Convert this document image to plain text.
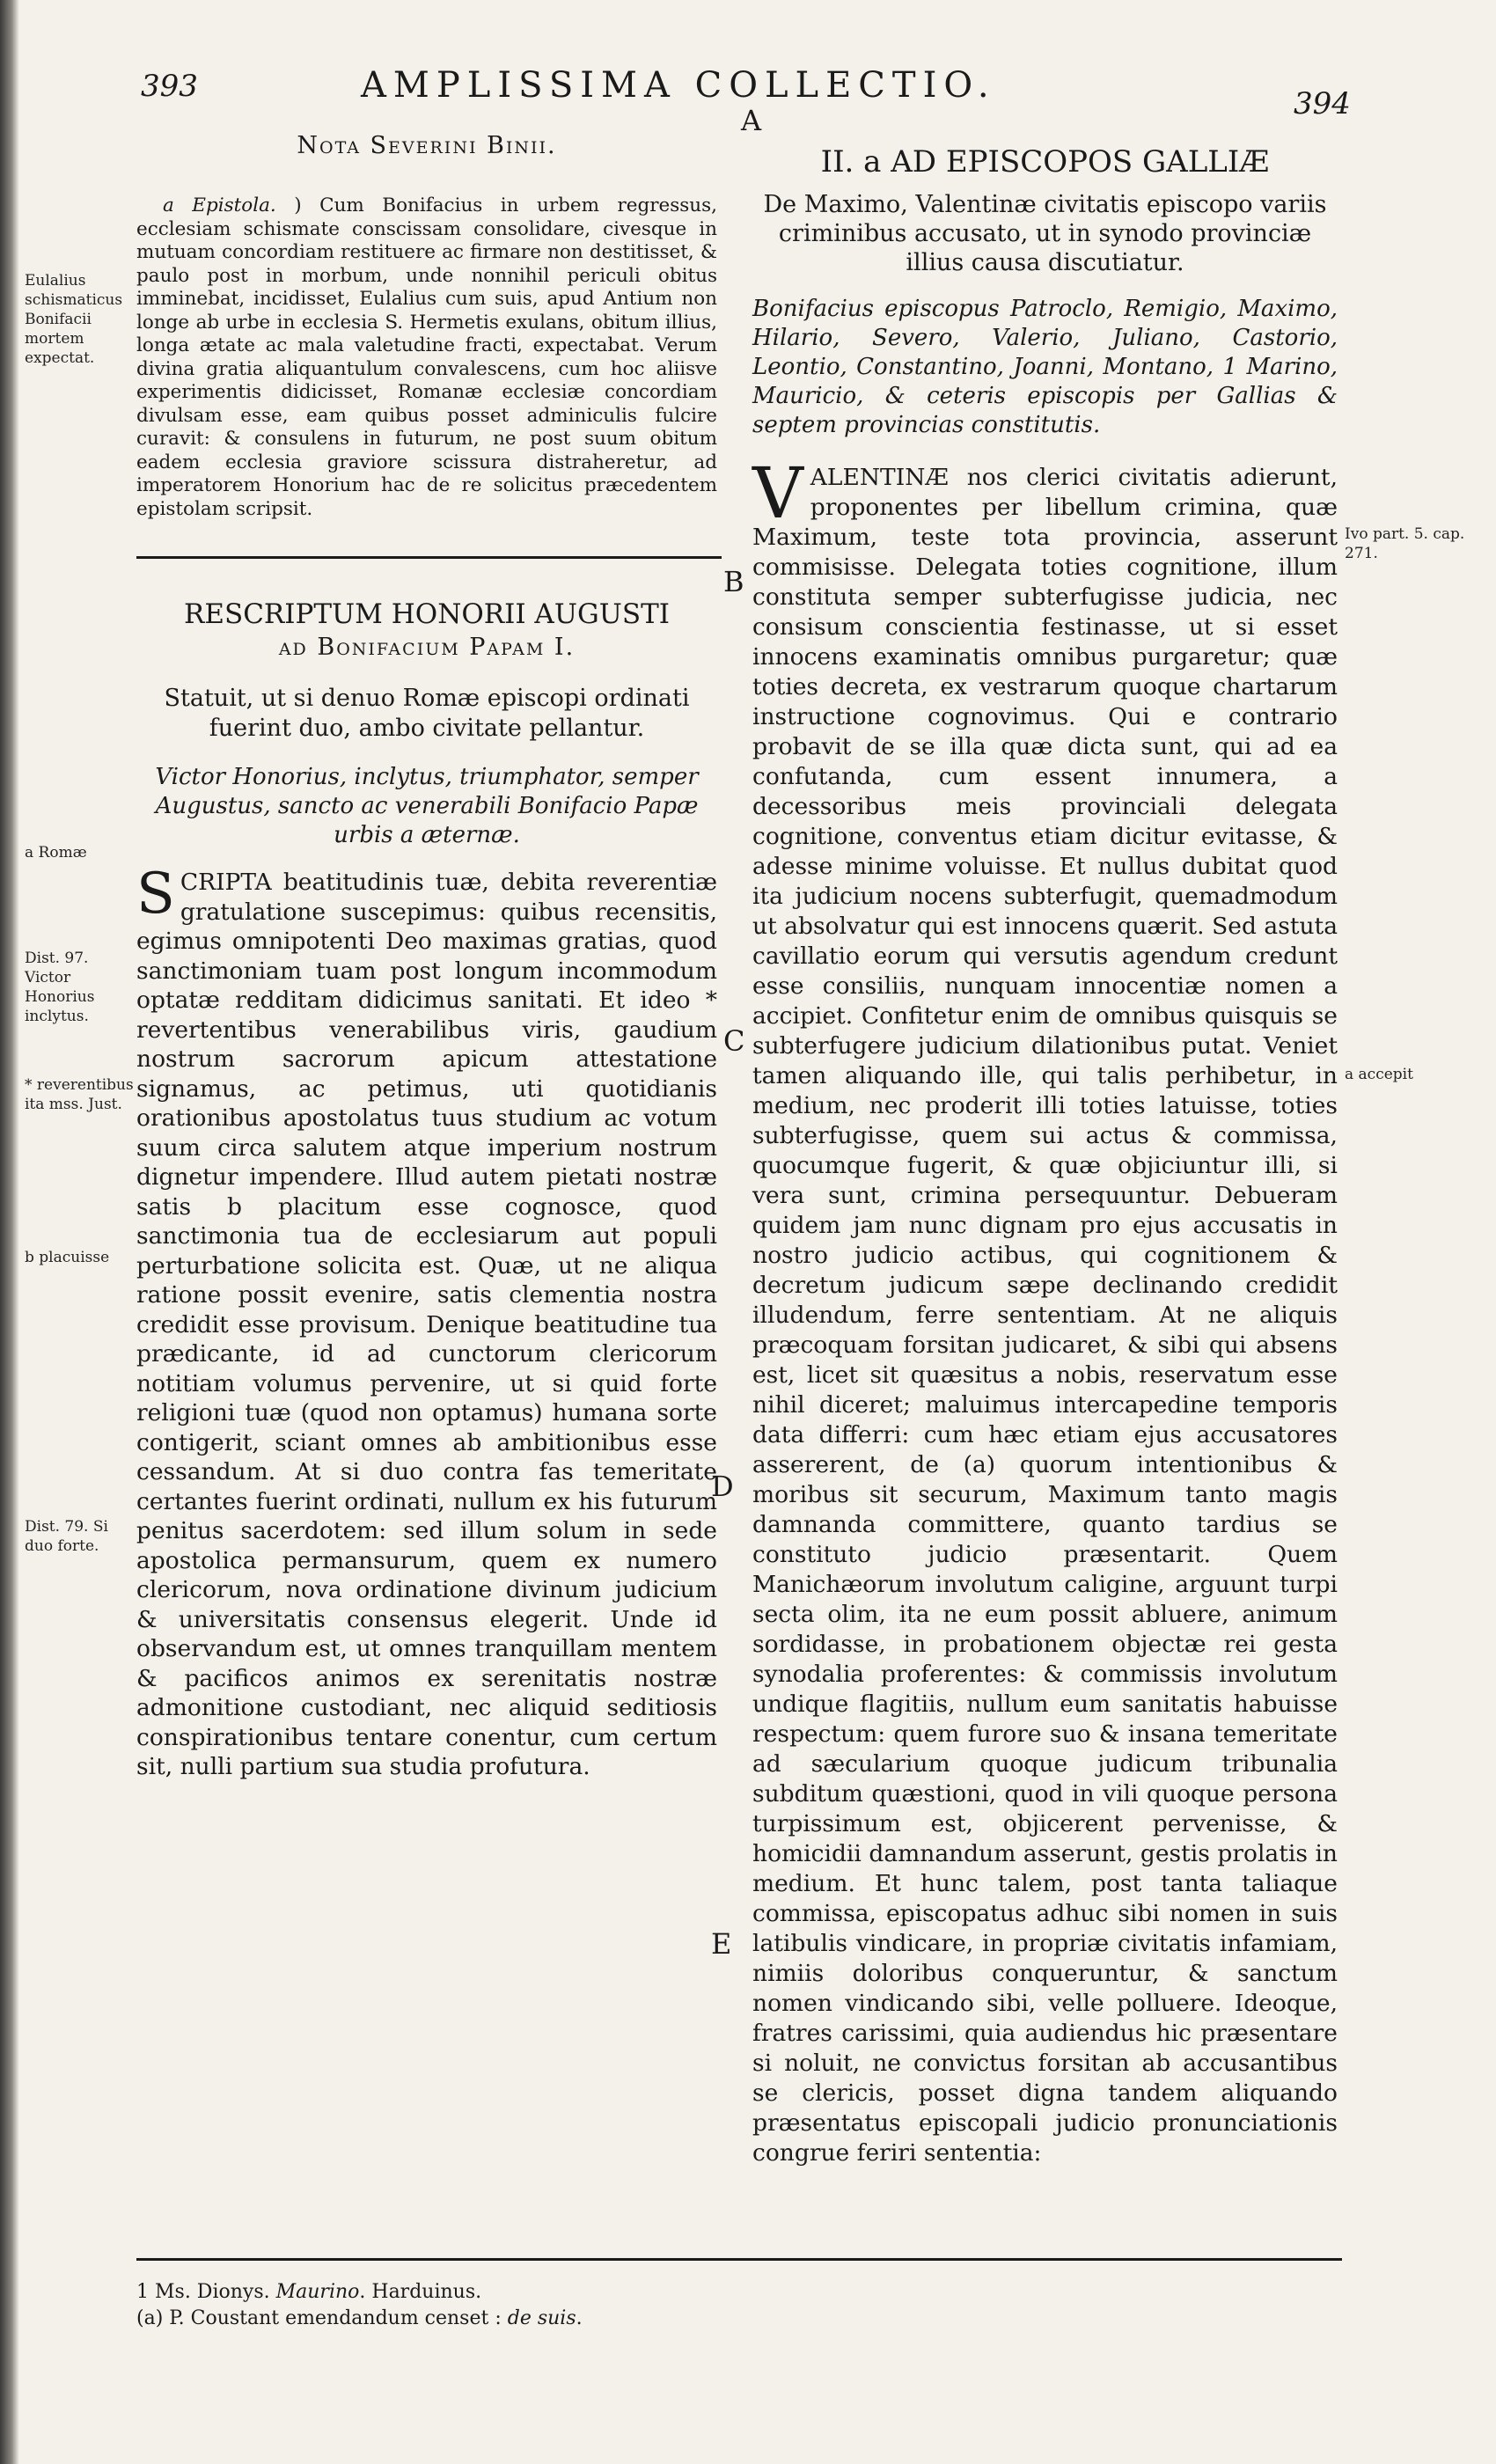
393	AMPLISSIMA COLLECTIO.	394
A
B
C
D
E
Eulalius schismaticus Bonifacii mortem expectat.
a Romæ
Dist. 97. Victor Honorius inclytus.
* reverentibus ita mss. Just.
b placuisse
Dist. 79. Si duo forte.
Ivo part. 5. cap. 271.
a accepit
Nota Severini Binii.

a Epistola. ) Cum Bonifacius in urbem regressus, ecclesiam schismate conscissam consolidare, civesque in mutuam concordiam restituere ac firmare non destitisset, & paulo post in morbum, unde nonnihil periculi obitus imminebat, incidisset, Eulalius cum suis, apud Antium non longe ab urbe in ecclesia S. Hermetis exulans, obitum illius, longa ætate ac mala valetudine fracti, expectabat. Verum divina gratia aliquantulum convalescens, cum hoc aliisve experimentis didicisset, Romanæ ecclesiæ concordiam divulsam esse, eam quibus posset adminiculis fulcire curavit: & consulens in futurum, ne post suum obitum eadem ecclesia graviore scissura distraheretur, ad imperatorem Honorium hac de re solicitus præcedentem epistolam scripsit.

RESCRIPTUM HONORII AUGUSTI
ad Bonifacium Papam I.
Statuit, ut si denuo Romæ episcopi ordinati fuerint duo, ambo civitate pellantur.
Victor Honorius, inclytus, triumphator, semper Augustus, sancto ac venerabili Bonifacio Papæ urbis a æternæ.

SCRIPTA beatitudinis tuæ, debita reverentiæ gratulatione suscepimus: quibus recensitis, egimus omnipotenti Deo maximas gratias, quod sanctimoniam tuam post longum incommodum optatæ redditam didicimus sanitati. Et ideo * revertentibus venerabilibus viris, gaudium nostrum sacrorum apicum attestatione signamus, ac petimus, uti quotidianis orationibus apostolatus tuus studium ac votum suum circa salutem atque imperium nostrum dignetur impendere. Illud autem pietati nostræ satis b placitum esse cognosce, quod sanctimonia tua de ecclesiarum aut populi perturbatione solicita est. Quæ, ut ne aliqua ratione possit evenire, satis clementia nostra credidit esse provisum. Denique beatitudine tua prædicante, id ad cunctorum clericorum notitiam volumus pervenire, ut si quid forte religioni tuæ (quod non optamus) humana sorte contigerit, sciant omnes ab ambitionibus esse cessandum. At si duo contra fas temeritate certantes fuerint ordinati, nullum ex his futurum penitus sacerdotem: sed illum solum in sede apostolica permansurum, quem ex numero clericorum, nova ordinatione divinum judicium & universitatis consensus elegerit. Unde id observandum est, ut omnes tranquillam mentem & pacificos animos ex serenitatis nostræ admonitione custodiant, nec aliquid seditiosis conspirationibus tentare conentur, cum certum sit, nulli partium sua studia profutura.

II. a AD EPISCOPOS GALLIÆ
De Maximo, Valentinæ civitatis episcopo variis criminibus accusato, ut in synodo provinciæ illius causa discutiatur.
Bonifacius episcopus Patroclo, Remigio, Maximo, Hilario, Severo, Valerio, Juliano, Castorio, Leontio, Constantino, Joanni, Montano, 1 Marino, Mauricio, & ceteris episcopis per Gallias & septem provincias constitutis.

VALENTINÆ nos clerici civitatis adierunt, proponentes per libellum crimina, quæ Maximum, teste tota provincia, asserunt commisisse. Delegata toties cognitione, illum constituta semper subterfugisse judicia, nec consisum conscientia festinasse, ut si esset innocens examinatis omnibus purgaretur; quæ toties decreta, ex vestrarum quoque chartarum instructione cognovimus. Qui e contrario probavit de se illa quæ dicta sunt, qui ad ea confutanda, cum essent innumera, a decessoribus meis provinciali delegata cognitione, conventus etiam dicitur evitasse, & adesse minime voluisse. Et nullus dubitat quod ita judicium nocens subterfugit, quemadmodum ut absolvatur qui est innocens quærit. Sed astuta cavillatio eorum qui versutis agendum credunt esse consiliis, nunquam innocentiæ nomen a accipiet. Confitetur enim de omnibus quisquis se subterfugere judicium dilationibus putat. Veniet tamen aliquando ille, qui talis perhibetur, in medium, nec proderit illi toties latuisse, toties subterfugisse, quem sui actus & commissa, quocumque fugerit, & quæ objiciuntur illi, si vera sunt, crimina persequuntur. Debueram quidem jam nunc dignam pro ejus accusatis in nostro judicio actibus, qui cognitionem & decretum judicum sæpe declinando credidit illudendum, ferre sententiam. At ne aliquis præcoquam forsitan judicaret, & sibi qui absens est, licet sit quæsitus a nobis, reservatum esse nihil diceret; maluimus intercapedine temporis data differri: cum hæc etiam ejus accusatores assererent, de (a) quorum intentionibus & moribus sit securum, Maximum tanto magis damnanda committere, quanto tardius se constituto judicio præsentarit. Quem Manichæorum involutum caligine, arguunt turpi secta olim, ita ne eum possit abluere, animum sordidasse, in probationem objectæ rei gesta synodalia proferentes: & commissis involutum undique flagitiis, nullum eum sanitatis habuisse respectum: quem furore suo & insana temeritate ad sæcularium quoque judicum tribunalia subditum quæstioni, quod in vili quoque persona turpissimum est, objicerent pervenisse, & homicidii damnandum asserunt, gestis prolatis in medium. Et hunc talem, post tanta taliaque commissa, episcopatus adhuc sibi nomen in suis latibulis vindicare, in propriæ civitatis infamiam, nimiis doloribus conqueruntur, & sanctum nomen vindicando sibi, velle polluere. Ideoque, fratres carissimi, quia audiendus hic præsentare si noluit, ne convictus forsitan ab accusantibus se clericis, posset digna tandem aliquando præsentatus episcopali judicio pronunciationis congrue feriri sententia:

1 Ms. Dionys. Maurino. Harduinus.
(a) P. Coustant emendandum censet : de suis.
